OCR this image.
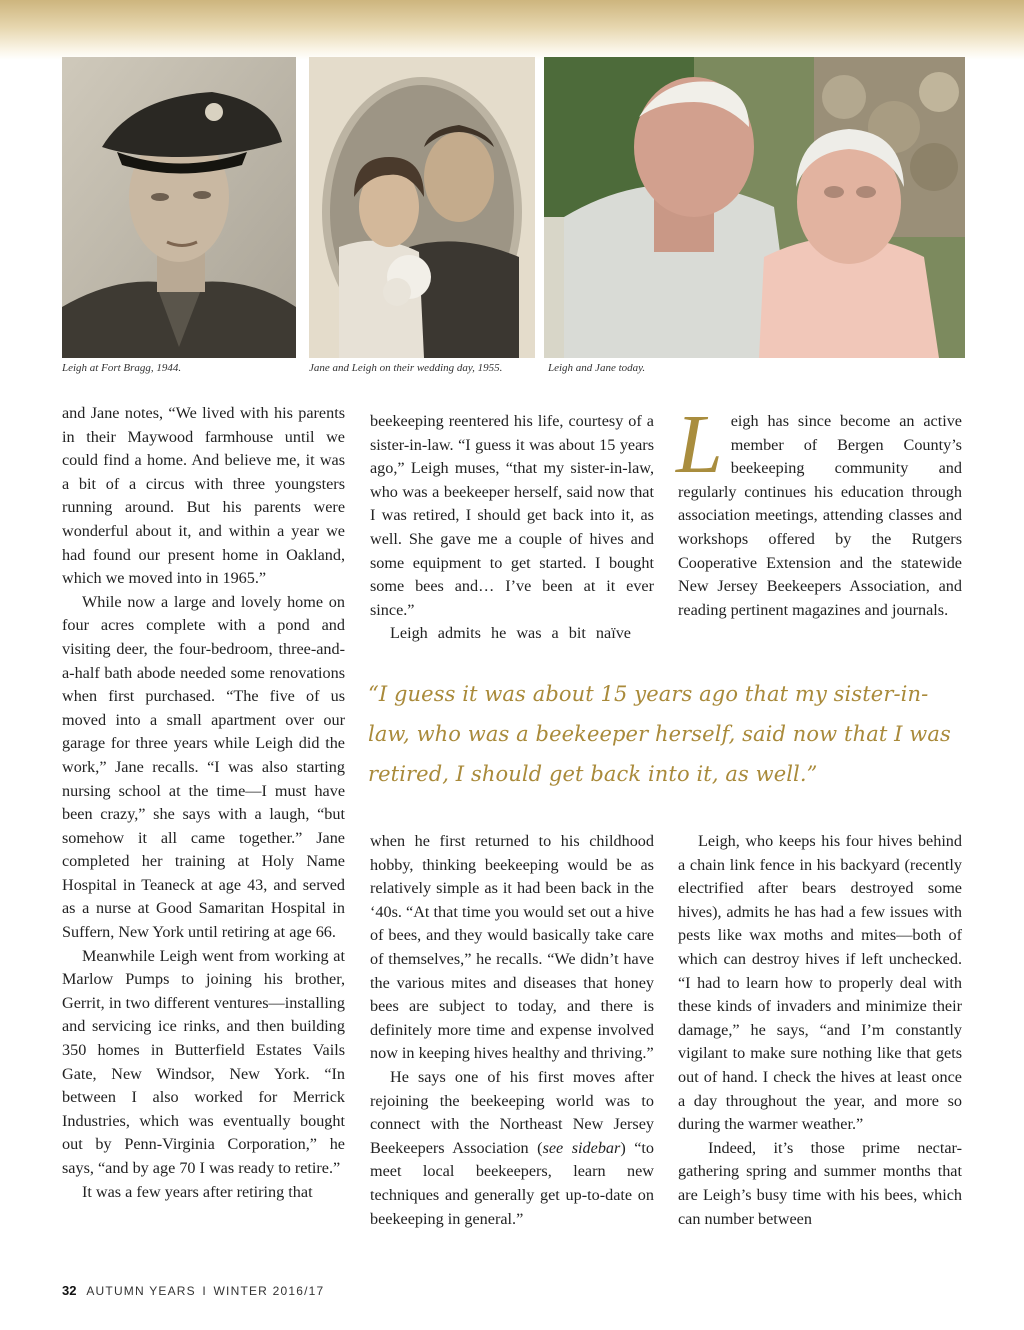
Leigh at Fort Bragg, 1944.	Jane and Leigh on their wedding day, 1955.	Leigh and Jane today.

and Jane notes, “We lived with his parents in their Maywood farmhouse until we could find a home. And believe me, it was a bit of a circus with three youngsters running around. But his parents were wonderful about it, and within a year we had found our present home in Oakland, which we moved into in 1965.”

While now a large and lovely home on four acres complete with a pond and visiting deer, the four-bedroom, three-and-a-half bath abode needed some renovations when first purchased. “The five of us moved into a small apartment over our garage for three years while Leigh did the work,” Jane recalls. “I was also starting nursing school at the time—I must have been crazy,” she says with a laugh, “but somehow it all came together.” Jane completed her training at Holy Name Hospital in Teaneck at age 43, and served as a nurse at Good Samaritan Hospital in Suffern, New York until retiring at age 66.

Meanwhile Leigh went from working at Marlow Pumps to joining his brother, Gerrit, in two different ventures—installing and servicing ice rinks, and then building 350 homes in Butterfield Estates Vails Gate, New Windsor, New York. “In between I also worked for Merrick Industries, which was eventually bought out by Penn-Virginia Corporation,” he says, “and by age 70 I was ready to retire.”

It was a few years after retiring that

beekeeping reentered his life, courtesy of a sister-in-law. “I guess it was about 15 years ago,” Leigh muses, “that my sister-in-law, who was a beekeeper herself, said now that I was retired, I should get back into it, as well. She gave me a couple of hives and some equipment to get started. I bought some bees and… I’ve been at it ever since.”

Leigh admits he was a bit naïve

L eigh has since become an active member of Bergen County’s beekeeping community and regularly continues his education through association meetings, attending classes and workshops offered by the Rutgers Cooperative Extension and the statewide New Jersey Beekeepers Association, and reading pertinent magazines and journals.
“I guess it was about 15 years ago that my sister-in-law, who was a beekeeper herself, said now that I was retired, I should get back into it, as well.”

when he first returned to his childhood hobby, thinking beekeeping would be as relatively simple as it had been back in the ‘40s. “At that time you would set out a hive of bees, and they would basically take care of themselves,” he recalls. “We didn’t have the various mites and diseases that honey bees are subject to today, and there is definitely more time and expense involved now in keeping hives healthy and thriving.”

He says one of his first moves after rejoining the beekeeping world was to connect with the Northeast New Jersey Beekeepers Association (see sidebar) “to meet local beekeepers, learn new techniques and generally get up-to-date on beekeeping in general.”

Leigh, who keeps his four hives behind a chain link fence in his backyard (recently electrified after bears destroyed some hives), admits he has had a few issues with pests like wax moths and mites—both of which can destroy hives if left unchecked. “I had to learn how to properly deal with these kinds of invaders and minimize their damage,” he says, “and I’m constantly vigilant to make sure nothing like that gets out of hand. I check the hives at least once a day throughout the year, and more so during the warmer weather.”

Indeed, it’s those prime nectar-gathering spring and summer months that are Leigh’s busy time with his bees, which can number between

32 AUTUMN YEARS I WINTER 2016/17
